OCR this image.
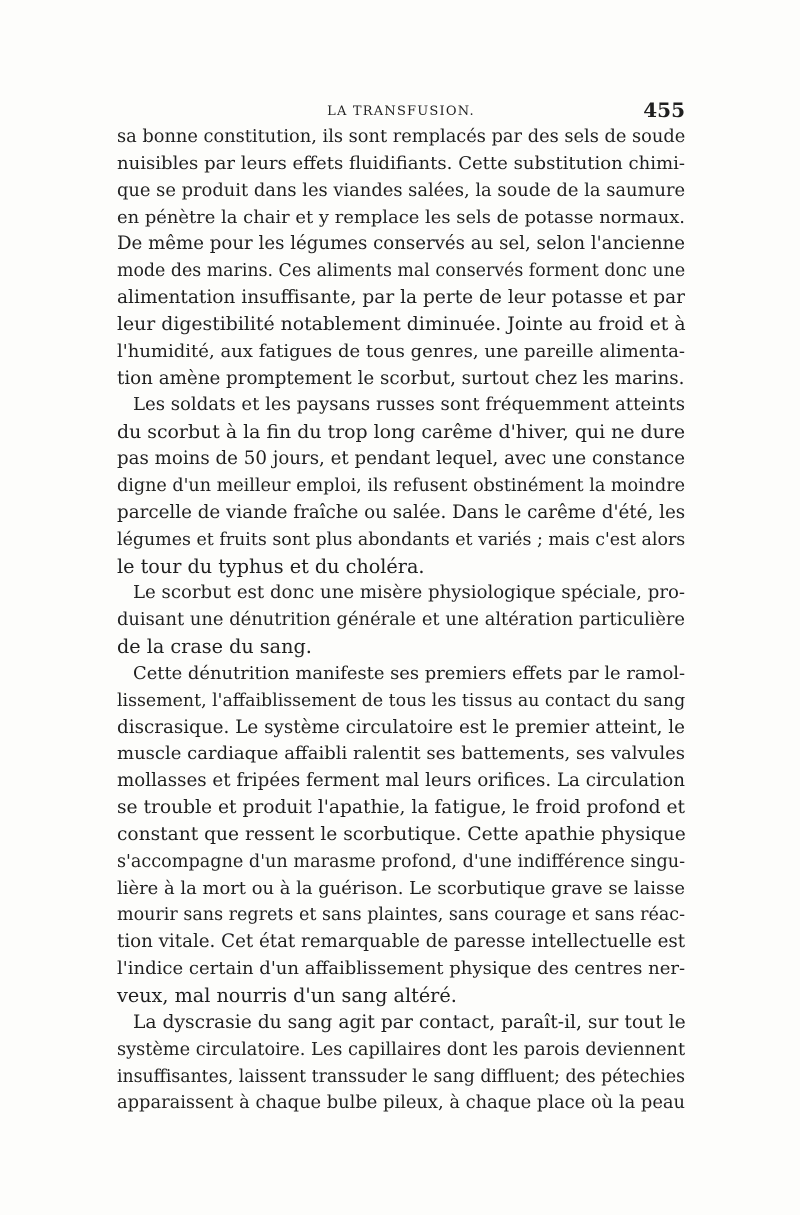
LA TRANSFUSION.	455
sa bonne constitution, ils sont remplacés par des sels de soude
nuisibles par leurs effets fluidifiants. Cette substitution chimi-
que se produit dans les viandes salées, la soude de la saumure
en pénètre la chair et y remplace les sels de potasse normaux.
De même pour les légumes conservés au sel, selon l'ancienne
mode des marins. Ces aliments mal conservés forment donc une
alimentation insuffisante, par la perte de leur potasse et par
leur digestibilité notablement diminuée. Jointe au froid et à
l'humidité, aux fatigues de tous genres, une pareille alimenta-
tion amène promptement le scorbut, surtout chez les marins.
Les soldats et les paysans russes sont fréquemment atteints
du scorbut à la fin du trop long carême d'hiver, qui ne dure
pas moins de 50 jours, et pendant lequel, avec une constance
digne d'un meilleur emploi, ils refusent obstinément la moindre
parcelle de viande fraîche ou salée. Dans le carême d'été, les
légumes et fruits sont plus abondants et variés ; mais c'est alors
le tour du typhus et du choléra.
Le scorbut est donc une misère physiologique spéciale, pro-
duisant une dénutrition générale et une altération particulière
de la crase du sang.
Cette dénutrition manifeste ses premiers effets par le ramol-
lissement, l'affaiblissement de tous les tissus au contact du sang
discrasique. Le système circulatoire est le premier atteint, le
muscle cardiaque affaibli ralentit ses battements, ses valvules
mollasses et fripées ferment mal leurs orifices. La circulation
se trouble et produit l'apathie, la fatigue, le froid profond et
constant que ressent le scorbutique. Cette apathie physique
s'accompagne d'un marasme profond, d'une indifférence singu-
lière à la mort ou à la guérison. Le scorbutique grave se laisse
mourir sans regrets et sans plaintes, sans courage et sans réac-
tion vitale. Cet état remarquable de paresse intellectuelle est
l'indice certain d'un affaiblissement physique des centres ner-
veux, mal nourris d'un sang altéré.
La dyscrasie du sang agit par contact, paraît-il, sur tout le
système circulatoire. Les capillaires dont les parois deviennent
insuffisantes, laissent transsuder le sang diffluent; des pétechies
apparaissent à chaque bulbe pileux, à chaque place où la peau
